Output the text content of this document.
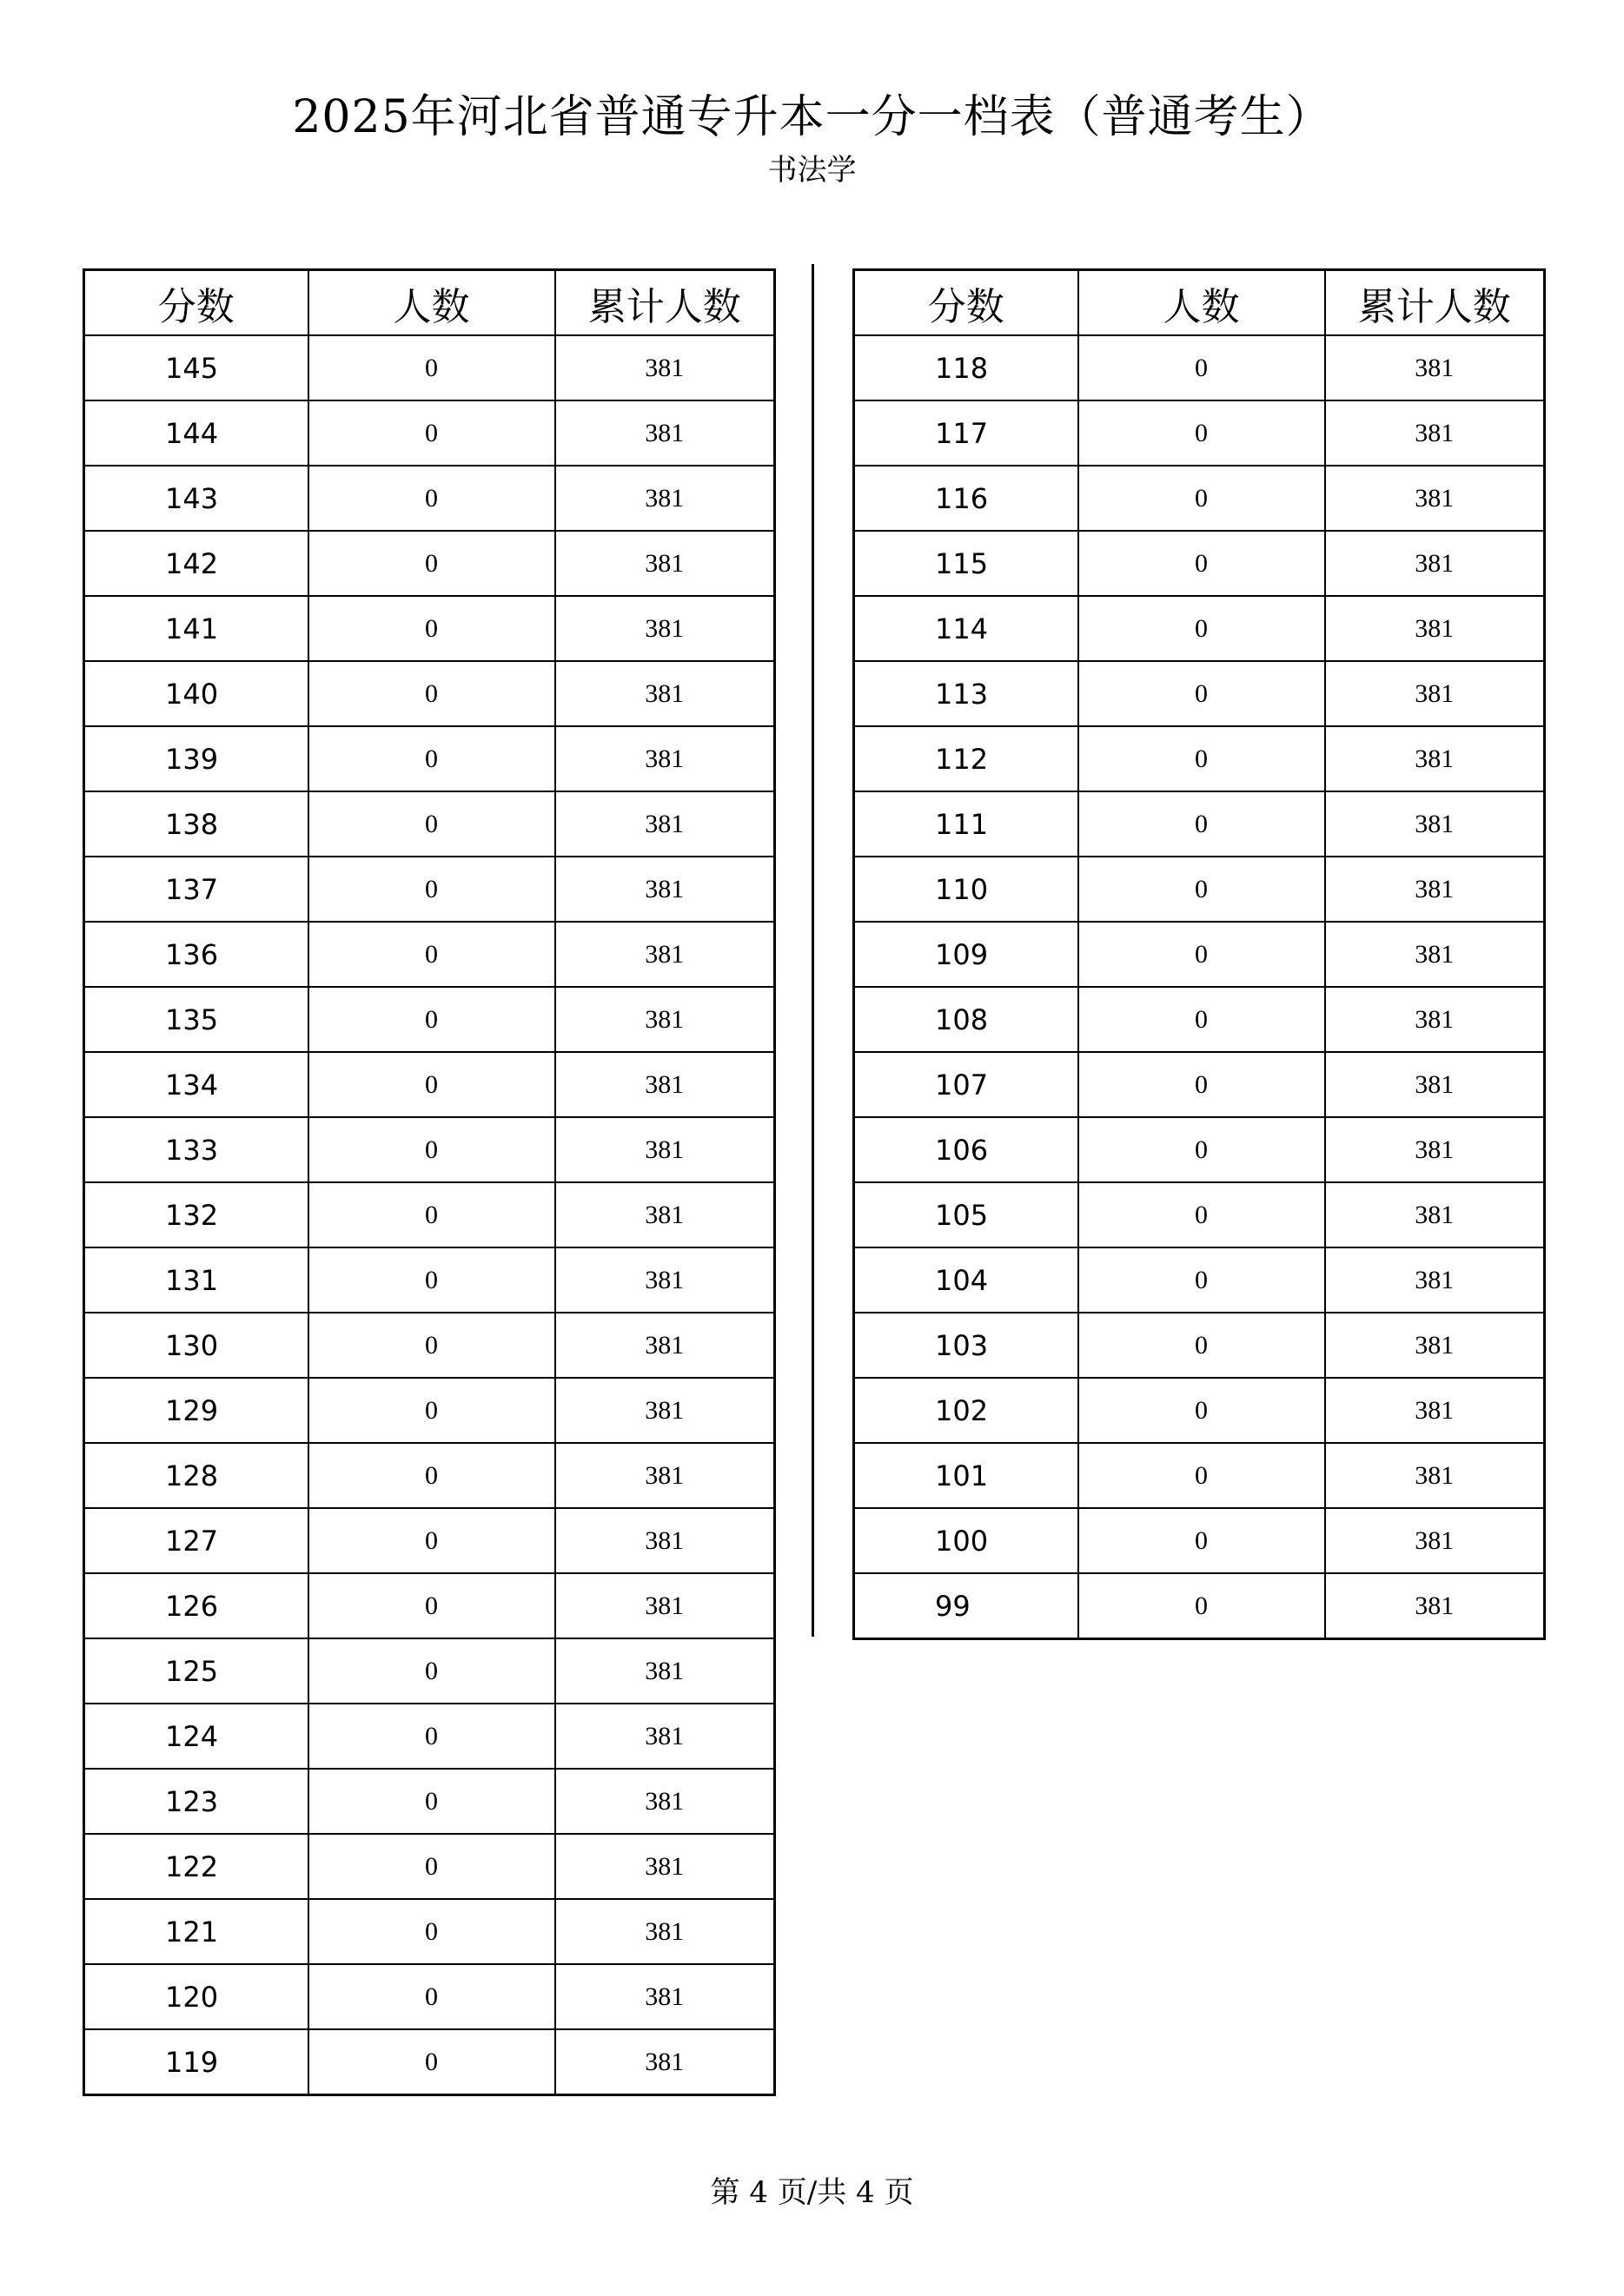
2025年河北省普通专升本一分一档表（普通考生）
书法学
分数	人数	累计人数
145	0	381
144	0	381
143	0	381
142	0	381
141	0	381
140	0	381
139	0	381
138	0	381
137	0	381
136	0	381
135	0	381
134	0	381
133	0	381
132	0	381
131	0	381
130	0	381
129	0	381
128	0	381
127	0	381
126	0	381
125	0	381
124	0	381
123	0	381
122	0	381
121	0	381
120	0	381
119	0	381
分数	人数	累计人数
118	0	381
117	0	381
116	0	381
115	0	381
114	0	381
113	0	381
112	0	381
111	0	381
110	0	381
109	0	381
108	0	381
107	0	381
106	0	381
105	0	381
104	0	381
103	0	381
102	0	381
101	0	381
100	0	381
99	0	381
第 4 页/共 4 页
